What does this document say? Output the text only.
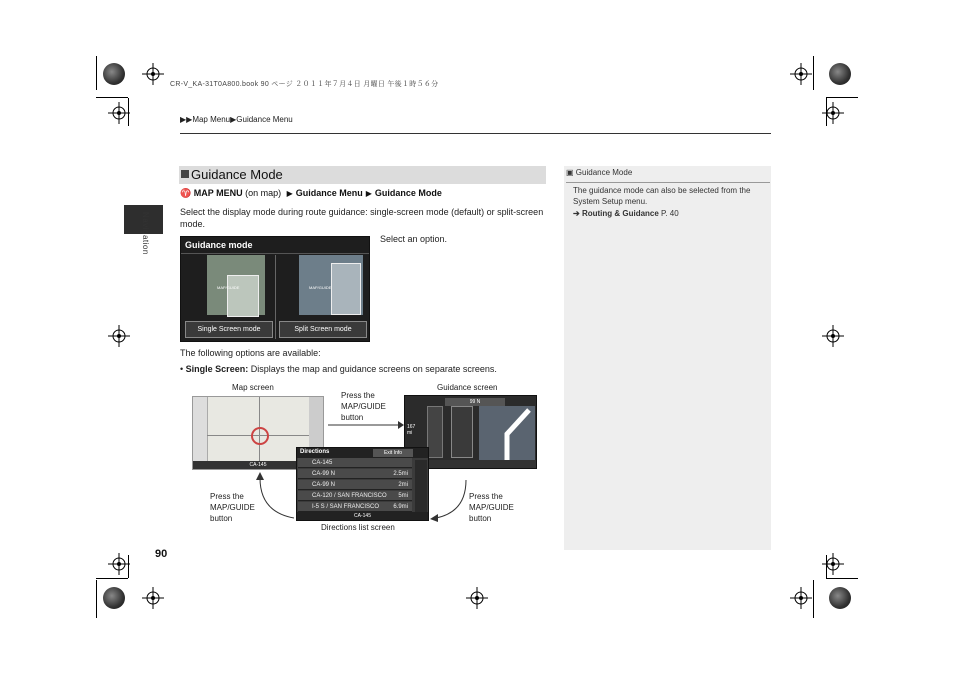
CR-V_KA-31T0A800.book 90 ページ ２０１１年７月４日 月曜日 午後１時５６分
▶▶Map Menu▶Guidance Menu
Navigation
Guidance Mode
♈ MAP MENU (on map) ▶ Guidance Menu ▶ Guidance Mode
Select the display mode during route guidance: single-screen mode (default) or split-screen mode.
Guidance mode
MAP/GUIDE	MAP/GUIDE
Single Screen mode	Split Screen mode
Select an option.
The following options are available:
• Single Screen: Displays the map and guidance screens on separate screens.
Map screen	Guidance screen
CA-145
Press the MAP/GUIDE button
167
mi
99 N
Directions	Exit Info
CA-145
CA-145
CA-99 N	2.5mi
CA-99 N	2mi
CA-120 / SAN FRANCISCO 5mi
I-5 S / SAN FRANCISCO 6.9mi
Press the MAP/GUIDE button
Press the MAP/GUIDE button
Directions list screen
▣ Guidance Mode
The guidance mode can also be selected from the System Setup menu.
➔ Routing & Guidance P. 40
90
